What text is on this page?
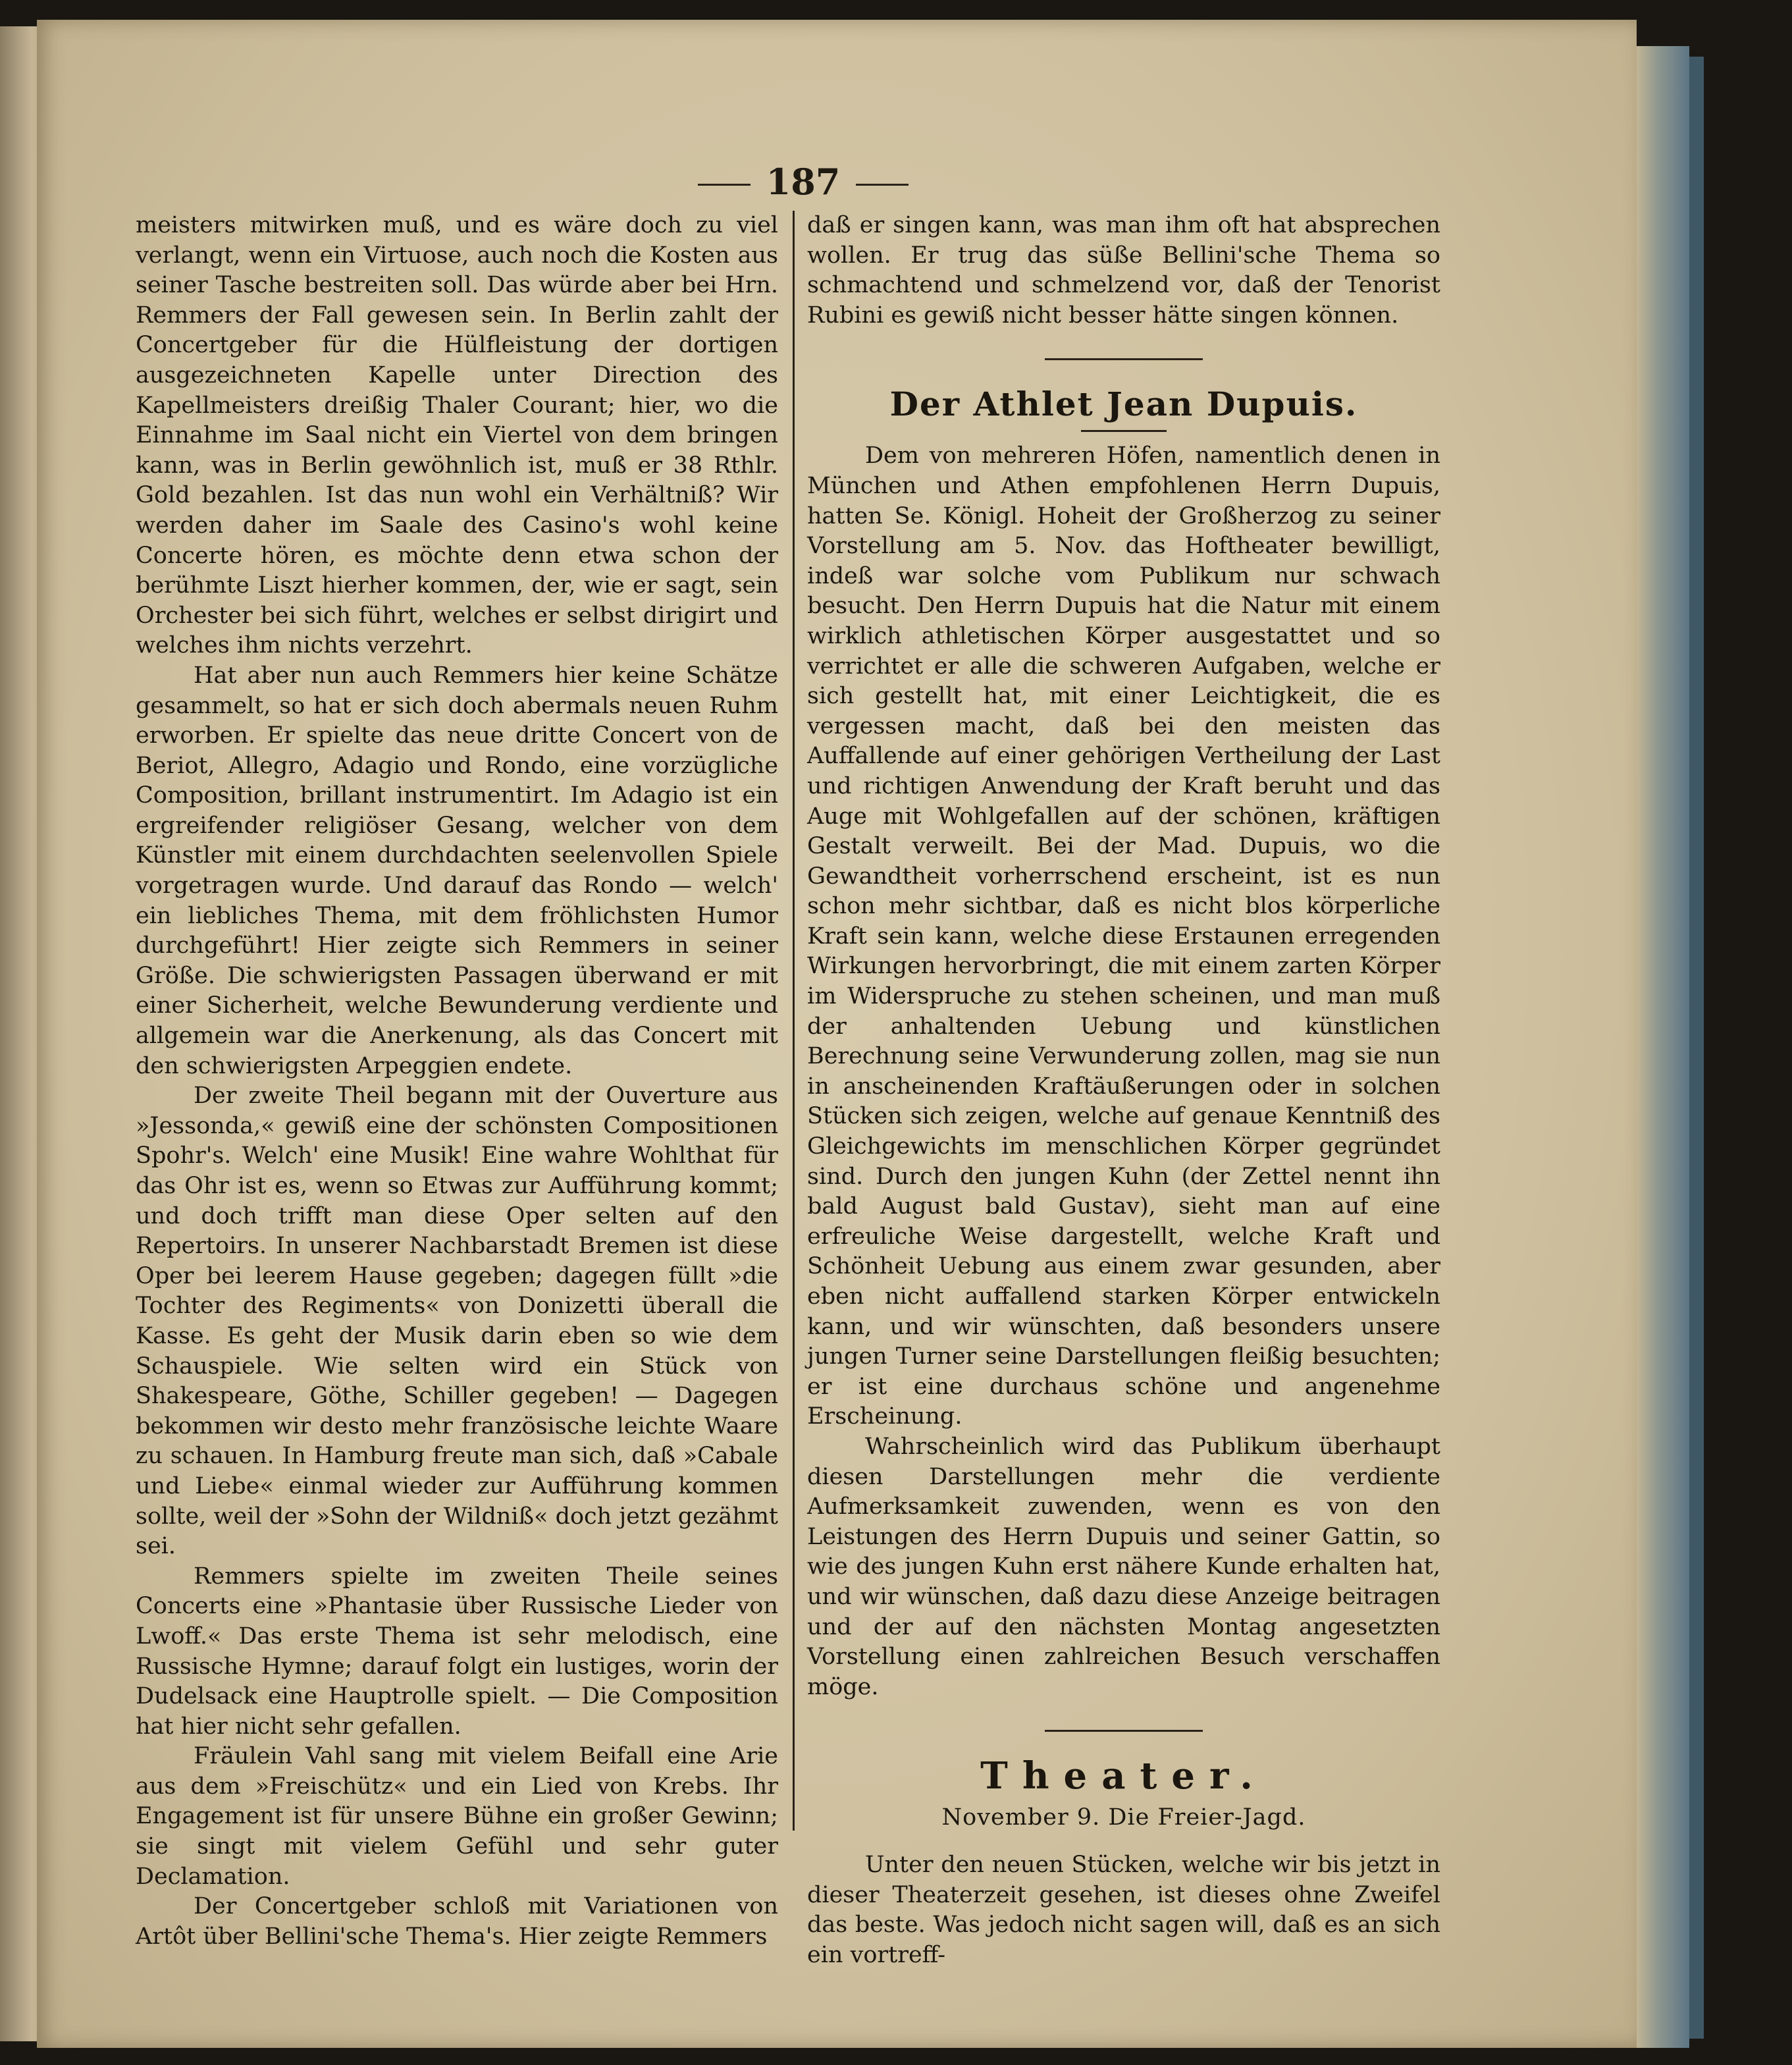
187

meisters mitwirken muß, und es wäre doch zu viel verlangt, wenn ein Virtuose, auch noch die Kosten aus seiner Tasche bestreiten soll. Das würde aber bei Hrn. Remmers der Fall gewesen sein. In Berlin zahlt der Concertgeber für die Hülfleistung der dortigen ausgezeichneten Kapelle unter Direction des Kapellmeisters dreißig Thaler Courant; hier, wo die Einnahme im Saal nicht ein Viertel von dem bringen kann, was in Berlin gewöhnlich ist, muß er 38 Rthlr. Gold bezahlen. Ist das nun wohl ein Verhältniß? Wir werden daher im Saale des Casino's wohl keine Concerte hören, es möchte denn etwa schon der berühmte Liszt hierher kommen, der, wie er sagt, sein Orchester bei sich führt, welches er selbst dirigirt und welches ihm nichts verzehrt.

Hat aber nun auch Remmers hier keine Schätze gesammelt, so hat er sich doch abermals neuen Ruhm erworben. Er spielte das neue dritte Concert von de Beriot, Allegro, Adagio und Rondo, eine vorzügliche Composition, brillant instrumentirt. Im Adagio ist ein ergreifender religiöser Gesang, welcher von dem Künstler mit einem durchdachten seelenvollen Spiele vorgetragen wurde. Und darauf das Rondo — welch' ein liebliches Thema, mit dem fröhlichsten Humor durchgeführt! Hier zeigte sich Remmers in seiner Größe. Die schwierigsten Passagen überwand er mit einer Sicherheit, welche Bewunderung verdiente und allgemein war die Anerkenung, als das Concert mit den schwierigsten Arpeggien endete.

Der zweite Theil begann mit der Ouverture aus »Jessonda,« gewiß eine der schönsten Compositionen Spohr's. Welch' eine Musik! Eine wahre Wohlthat für das Ohr ist es, wenn so Etwas zur Aufführung kommt; und doch trifft man diese Oper selten auf den Repertoirs. In unserer Nachbarstadt Bremen ist diese Oper bei leerem Hause gegeben; dagegen füllt »die Tochter des Regiments« von Donizetti überall die Kasse. Es geht der Musik darin eben so wie dem Schauspiele. Wie selten wird ein Stück von Shakespeare, Göthe, Schiller gegeben! — Dagegen bekommen wir desto mehr französische leichte Waare zu schauen. In Hamburg freute man sich, daß »Cabale und Liebe« einmal wieder zur Aufführung kommen sollte, weil der »Sohn der Wildniß« doch jetzt gezähmt sei.

Remmers spielte im zweiten Theile seines Concerts eine »Phantasie über Russische Lieder von Lwoff.« Das erste Thema ist sehr melodisch, eine Russische Hymne; darauf folgt ein lustiges, worin der Dudelsack eine Hauptrolle spielt. — Die Composition hat hier nicht sehr gefallen.

Fräulein Vahl sang mit vielem Beifall eine Arie aus dem »Freischütz« und ein Lied von Krebs. Ihr Engagement ist für unsere Bühne ein großer Gewinn; sie singt mit vielem Gefühl und sehr guter Declamation.

Der Concertgeber schloß mit Variationen von Artôt über Bellini'sche Thema's. Hier zeigte Remmers

daß er singen kann, was man ihm oft hat absprechen wollen. Er trug das süße Bellini'sche Thema so schmachtend und schmelzend vor, daß der Tenorist Rubini es gewiß nicht besser hätte singen können.

Der Athlet Jean Dupuis.

Dem von mehreren Höfen, namentlich denen in München und Athen empfohlenen Herrn Dupuis, hatten Se. Königl. Hoheit der Großherzog zu seiner Vorstellung am 5. Nov. das Hoftheater bewilligt, indeß war solche vom Publikum nur schwach besucht. Den Herrn Dupuis hat die Natur mit einem wirklich athletischen Körper ausgestattet und so verrichtet er alle die schweren Aufgaben, welche er sich gestellt hat, mit einer Leichtigkeit, die es vergessen macht, daß bei den meisten das Auffallende auf einer gehörigen Vertheilung der Last und richtigen Anwendung der Kraft beruht und das Auge mit Wohlgefallen auf der schönen, kräftigen Gestalt verweilt. Bei der Mad. Dupuis, wo die Gewandtheit vorherrschend erscheint, ist es nun schon mehr sichtbar, daß es nicht blos körperliche Kraft sein kann, welche diese Erstaunen erregenden Wirkungen hervorbringt, die mit einem zarten Körper im Widerspruche zu stehen scheinen, und man muß der anhaltenden Uebung und künstlichen Berechnung seine Verwunderung zollen, mag sie nun in anscheinenden Kraftäußerungen oder in solchen Stücken sich zeigen, welche auf genaue Kenntniß des Gleichgewichts im menschlichen Körper gegründet sind. Durch den jungen Kuhn (der Zettel nennt ihn bald August bald Gustav), sieht man auf eine erfreuliche Weise dargestellt, welche Kraft und Schönheit Uebung aus einem zwar gesunden, aber eben nicht auffallend starken Körper entwickeln kann, und wir wünschten, daß besonders unsere jungen Turner seine Darstellungen fleißig besuchten; er ist eine durchaus schöne und angenehme Erscheinung.

Wahrscheinlich wird das Publikum überhaupt diesen Darstellungen mehr die verdiente Aufmerksamkeit zuwenden, wenn es von den Leistungen des Herrn Dupuis und seiner Gattin, so wie des jungen Kuhn erst nähere Kunde erhalten hat, und wir wünschen, daß dazu diese Anzeige beitragen und der auf den nächsten Montag angesetzten Vorstellung einen zahlreichen Besuch verschaffen möge.

Theater.
November 9. Die Freier-Jagd.

Unter den neuen Stücken, welche wir bis jetzt in dieser Theaterzeit gesehen, ist dieses ohne Zweifel das beste. Was jedoch nicht sagen will, daß es an sich ein vortreff-
